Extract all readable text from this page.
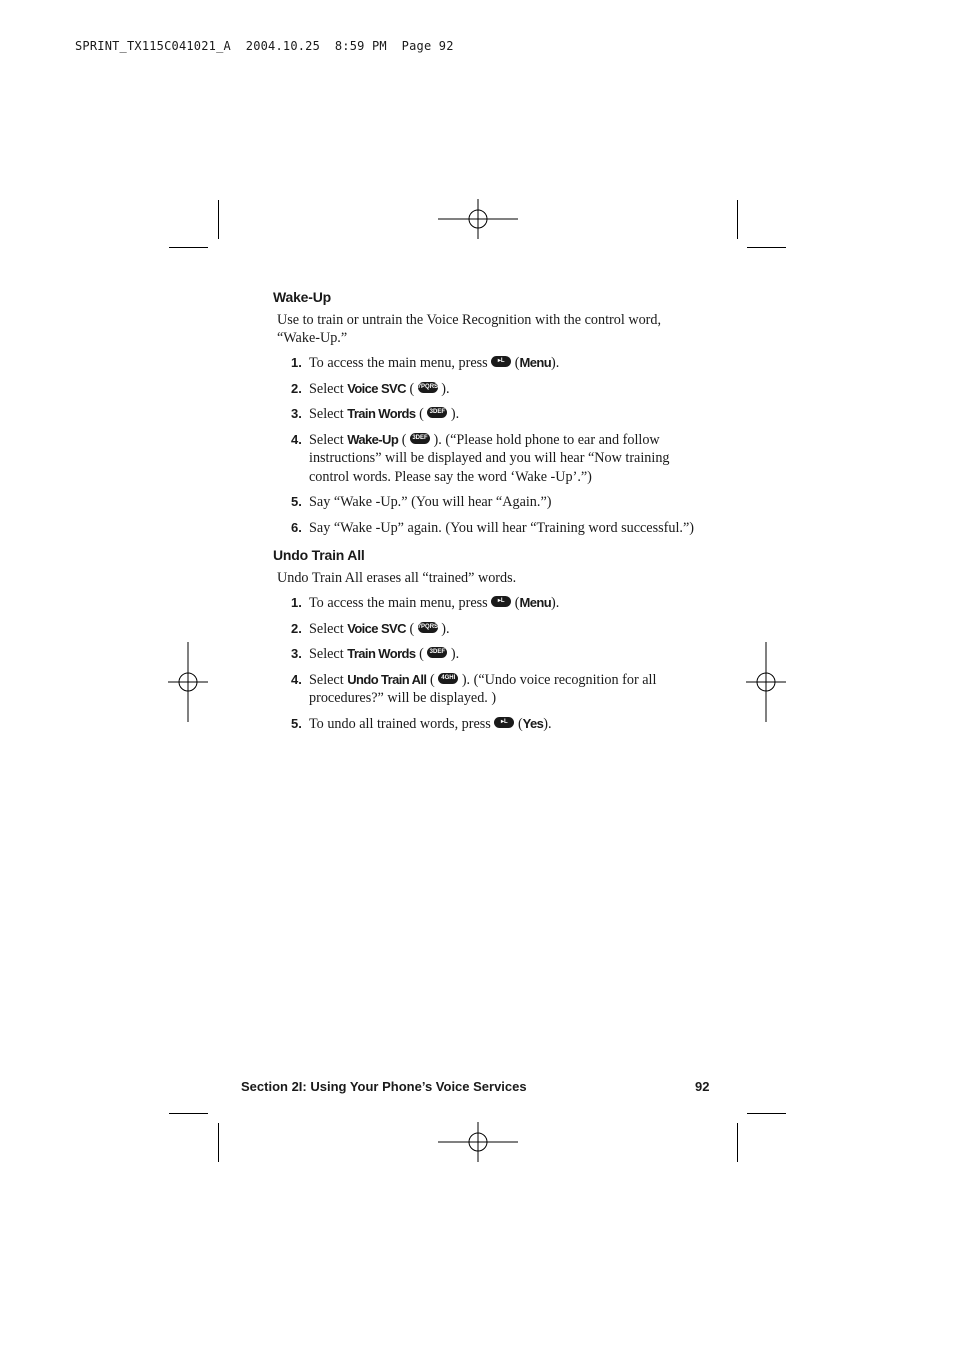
SPRINT_TX115C041021_A  2004.10.25  8:59 PM  Page 92
Wake-Up

Use to train or untrain the Voice Recognition with the control word, “Wake-Up.”

1. To access the main menu, press ▸L (Menu).
2. Select Voice SVC ( 7PQRS ).
3. Select Train Words ( 3DEF ).
4. Select Wake-Up ( 3DEF ). (“Please hold phone to ear and follow instructions” will be displayed and you will hear “Now training control words. Please say the word ‘Wake -Up’.”)
5. Say “Wake -Up.” (You will hear “Again.”)
6. Say “Wake -Up” again. (You will hear “Training word successful.”)
Undo Train All

Undo Train All erases all “trained” words.

1. To access the main menu, press ▸L (Menu).
2. Select Voice SVC ( 7PQRS ).
3. Select Train Words ( 3DEF ).
4. Select Undo Train All ( 4GHI ). (“Undo voice recognition for all procedures?” will be displayed. )
5. To undo all trained words, press ▸L (Yes).
Section 2I: Using Your Phone’s Voice Services	92
